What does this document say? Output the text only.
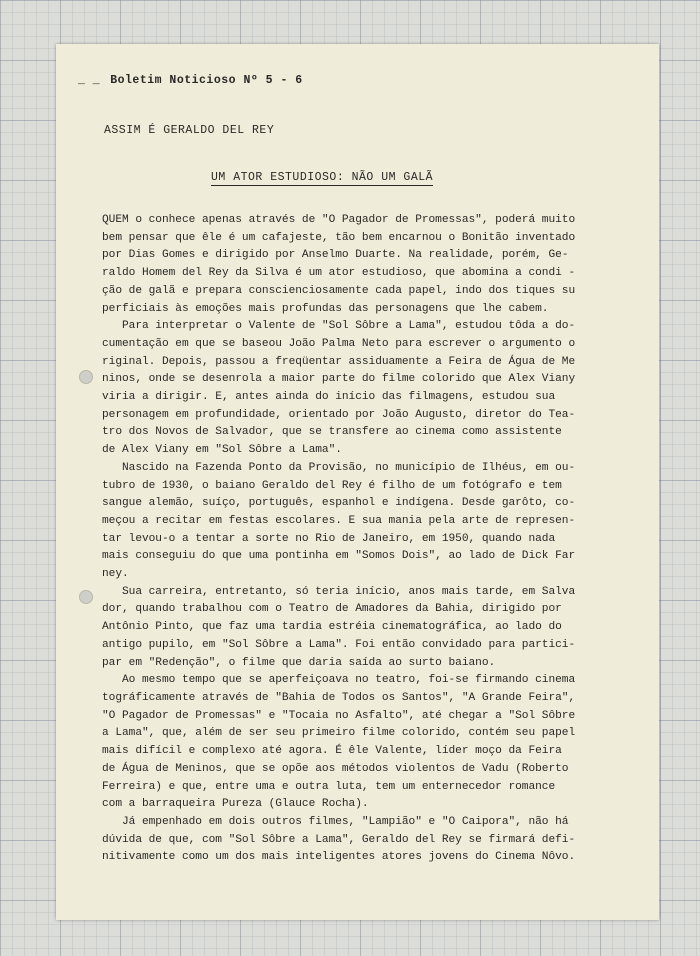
_ _ Boletim Noticioso Nº 5 - 6
ASSIM É GERALDO DEL REY
UM ATOR ESTUDIOSO: NÃO UM GALÃ
QUEM o conhece apenas através de "O Pagador de Promessas", poderá muito
bem pensar que êle é um cafajeste, tão bem encarnou o Bonitão inventado
por Dias Gomes e dirigido por Anselmo Duarte. Na realidade, porém, Ge-
raldo Homem del Rey da Silva é um ator estudioso, que abomina a condi -
ção de galã e prepara conscienciosamente cada papel, indo dos tiques su
perficiais às emoções mais profundas das personagens que lhe cabem.
Para interpretar o Valente de "Sol Sôbre a Lama", estudou tôda a do-
cumentação em que se baseou João Palma Neto para escrever o argumento o
riginal. Depois, passou a freqüentar assiduamente a Feira de Água de Me
ninos, onde se desenrola a maior parte do filme colorido que Alex Viany
viria a dirigir. E, antes ainda do início das filmagens, estudou sua
personagem em profundidade, orientado por João Augusto, diretor do Tea-
tro dos Novos de Salvador, que se transfere ao cinema como assistente
de Alex Viany em "Sol Sôbre a Lama".
Nascido na Fazenda Ponto da Provisão, no município de Ilhéus, em ou-
tubro de 1930, o baiano Geraldo del Rey é filho de um fotógrafo e tem
sangue alemão, suíço, português, espanhol e indígena. Desde garôto, co-
meçou a recitar em festas escolares. E sua mania pela arte de represen-
tar levou-o a tentar a sorte no Rio de Janeiro, em 1950, quando nada
mais conseguiu do que uma pontinha em "Somos Dois", ao lado de Dick Far
ney.
Sua carreira, entretanto, só teria início, anos mais tarde, em Salva
dor, quando trabalhou com o Teatro de Amadores da Bahia, dirigido por
Antônio Pinto, que faz uma tardia estréia cinematográfica, ao lado do
antigo pupilo, em "Sol Sôbre a Lama". Foi então convidado para partici-
par em "Redenção", o filme que daria saída ao surto baiano.
Ao mesmo tempo que se aperfeiçoava no teatro, foi-se firmando cinema
tográficamente através de "Bahia de Todos os Santos", "A Grande Feira",
"O Pagador de Promessas" e "Tocaia no Asfalto", até chegar a "Sol Sôbre
a Lama", que, além de ser seu primeiro filme colorido, contém seu papel
mais difícil e complexo até agora. É êle Valente, líder moço da Feira
de Água de Meninos, que se opõe aos métodos violentos de Vadu (Roberto
Ferreira) e que, entre uma e outra luta, tem um enternecedor romance
com a barraqueira Pureza (Glauce Rocha).
Já empenhado em dois outros filmes, "Lampião" e "O Caipora", não há
dúvida de que, com "Sol Sôbre a Lama", Geraldo del Rey se firmará defi-
nitivamente como um dos mais inteligentes atores jovens do Cinema Nôvo.
